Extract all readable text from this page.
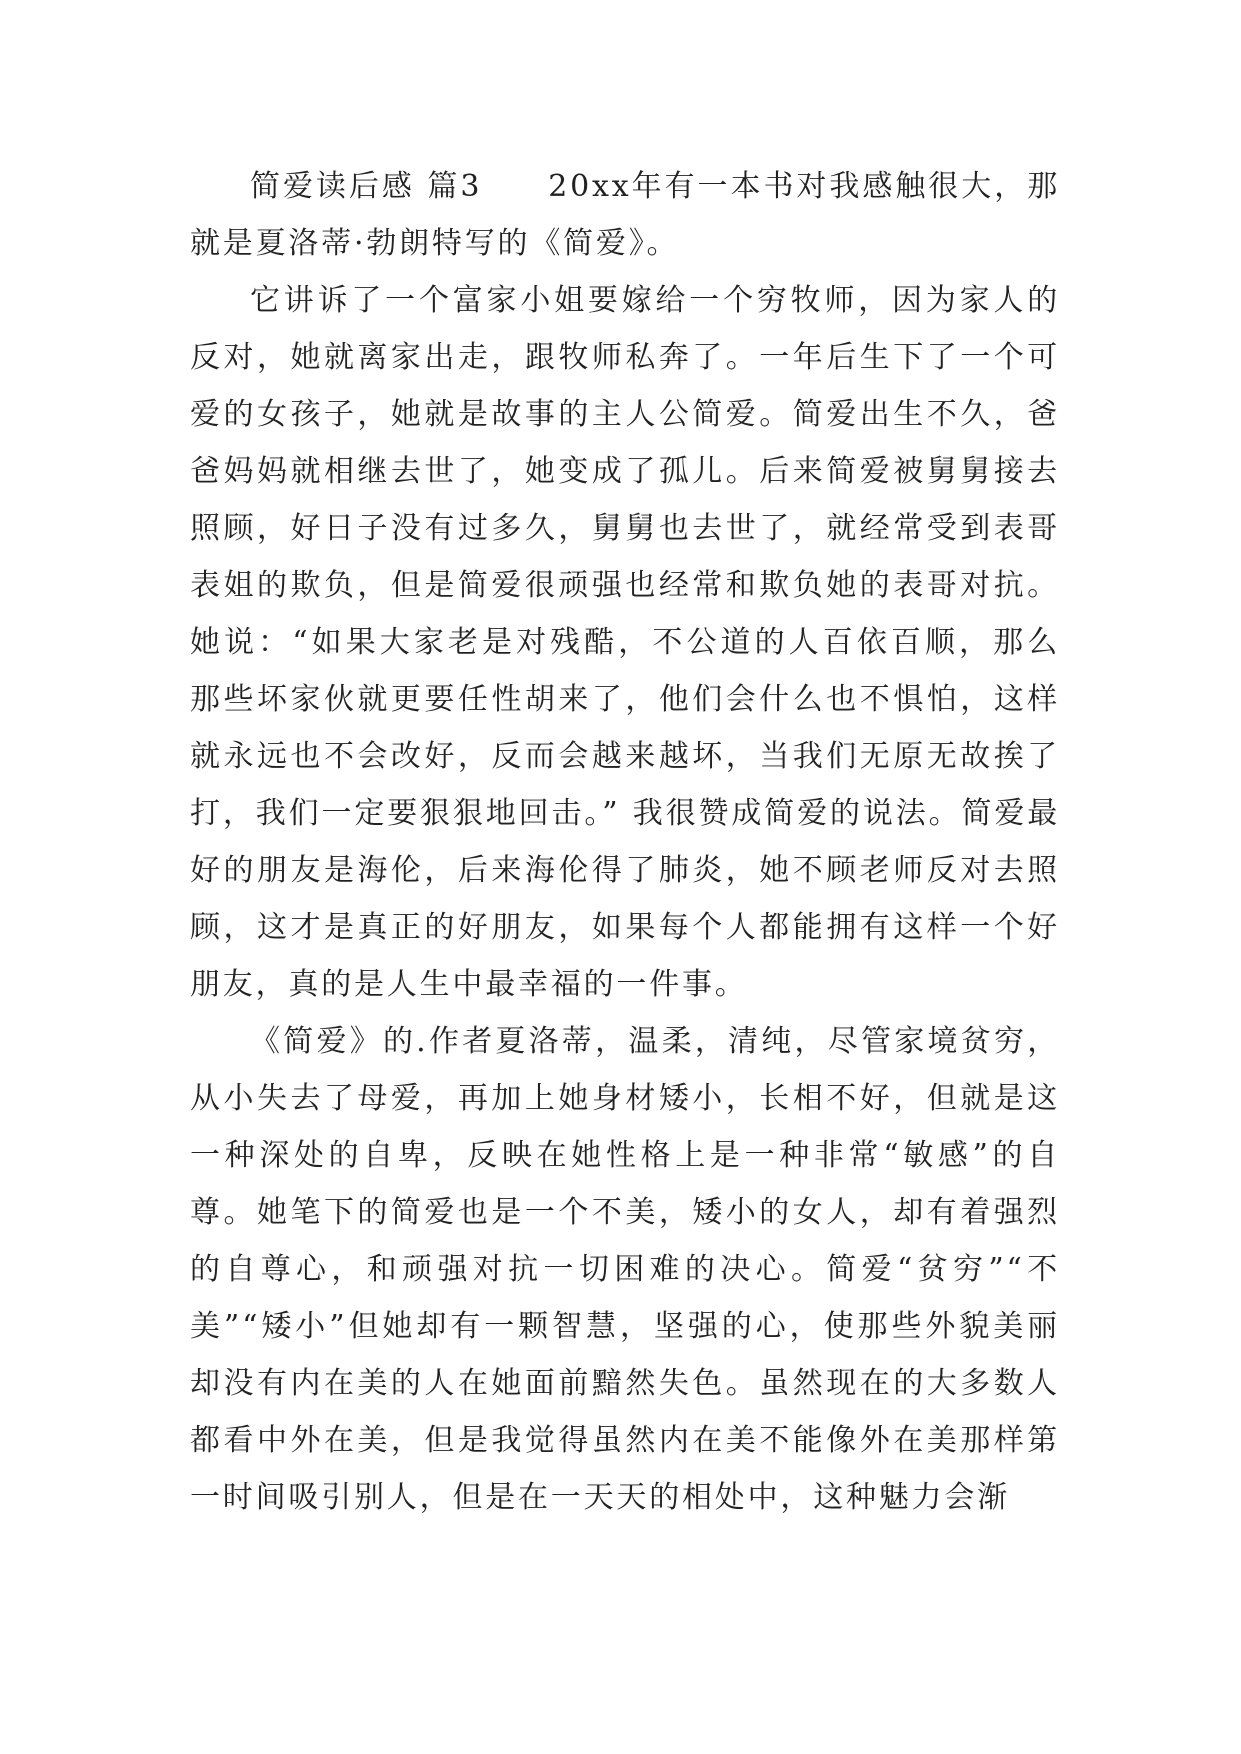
简爱读后感 篇3 20xx年有一本书对我感触很大，那就是夏洛蒂·勃朗特写的《简爱》。

它讲诉了一个富家小姐要嫁给一个穷牧师，因为家人的反对，她就离家出走，跟牧师私奔了。一年后生下了一个可爱的女孩子，她就是故事的主人公简爱。简爱出生不久，爸爸妈妈就相继去世了，她变成了孤儿。后来简爱被舅舅接去照顾，好日子没有过多久，舅舅也去世了，就经常受到表哥表姐的欺负，但是简爱很顽强也经常和欺负她的表哥对抗。她说：“如果大家老是对残酷，不公道的人百依百顺，那么那些坏家伙就更要任性胡来了，他们会什么也不惧怕，这样就永远也不会改好，反而会越来越坏，当我们无原无故挨了打，我们一定要狠狠地回击。” 我很赞成简爱的说法。简爱最好的朋友是海伦，后来海伦得了肺炎，她不顾老师反对去照顾，这才是真正的好朋友，如果每个人都能拥有这样一个好朋友，真的是人生中最幸福的一件事。

《简爱》的.作者夏洛蒂，温柔，清纯，尽管家境贫穷，从小失去了母爱，再加上她身材矮小，长相不好，但就是这一种深处的自卑，反映在她性格上是一种非常“敏感”的自尊。她笔下的简爱也是一个不美，矮小的女人，却有着强烈的自尊心，和顽强对抗一切困难的决心。简爱“贫穷”“不美”“矮小”但她却有一颗智慧，坚强的心，使那些外貌美丽却没有内在美的人在她面前黯然失色。虽然现在的大多数人都看中外在美，但是我觉得虽然内在美不能像外在美那样第一时间吸引别人，但是在一天天的相处中，这种魅力会渐
